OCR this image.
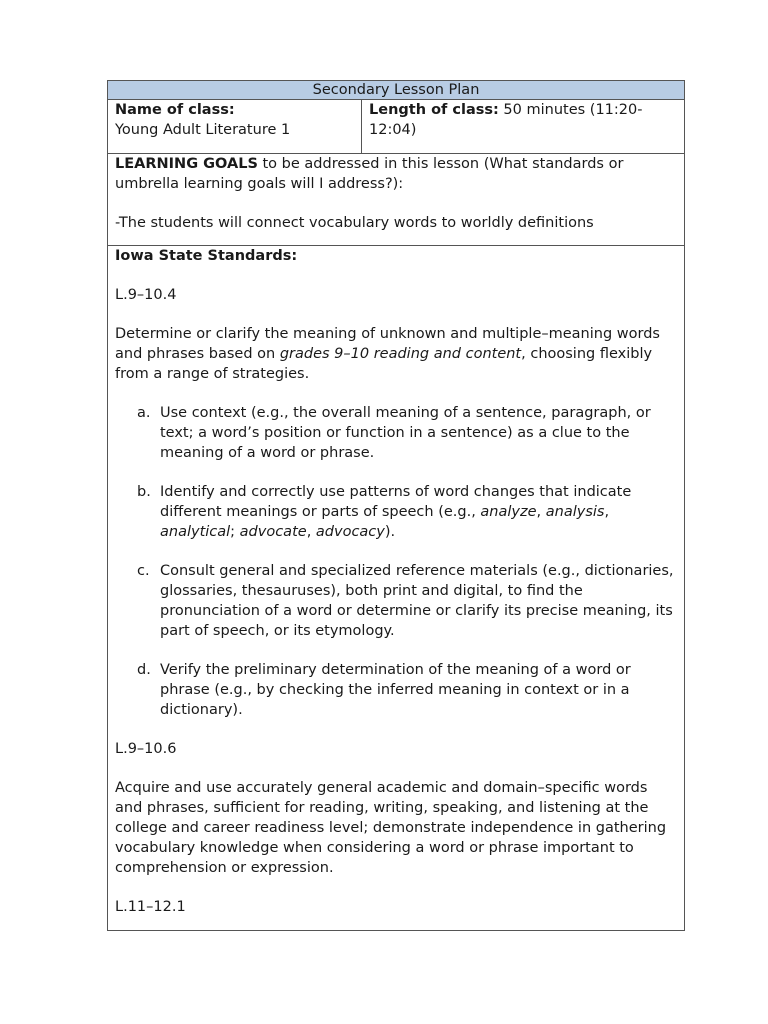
Secondary Lesson Plan

Name of class:
Young Adult Literature 1
	Length of class: 50 minutes (11:20-12:04)

LEARNING GOALS to be addressed in this lesson (What standards or umbrella learning goals will I address?):

-The students will connect vocabulary words to worldly definitions

Iowa State Standards:

L.9–10.4

Determine or clarify the meaning of unknown and multiple–meaning words and phrases based on grades 9–10 reading and content, choosing flexibly from a range of strategies.

a. Use context (e.g., the overall meaning of a sentence, paragraph, or text; a word’s position or function in a sentence) as a clue to the meaning of a word or phrase.
b. Identify and correctly use patterns of word changes that indicate different meanings or parts of speech (e.g., analyze, analysis, analytical; advocate, advocacy).
c. Consult general and specialized reference materials (e.g., dictionaries, glossaries, thesauruses), both print and digital, to find the pronunciation of a word or determine or clarify its precise meaning, its part of speech, or its etymology.
d. Verify the preliminary determination of the meaning of a word or phrase (e.g., by checking the inferred meaning in context or in a dictionary).

L.9–10.6

Acquire and use accurately general academic and domain–specific words and phrases, sufficient for reading, writing, speaking, and listening at the college and career readiness level; demonstrate independence in gathering vocabulary knowledge when considering a word or phrase important to comprehension or expression.

L.11–12.1
